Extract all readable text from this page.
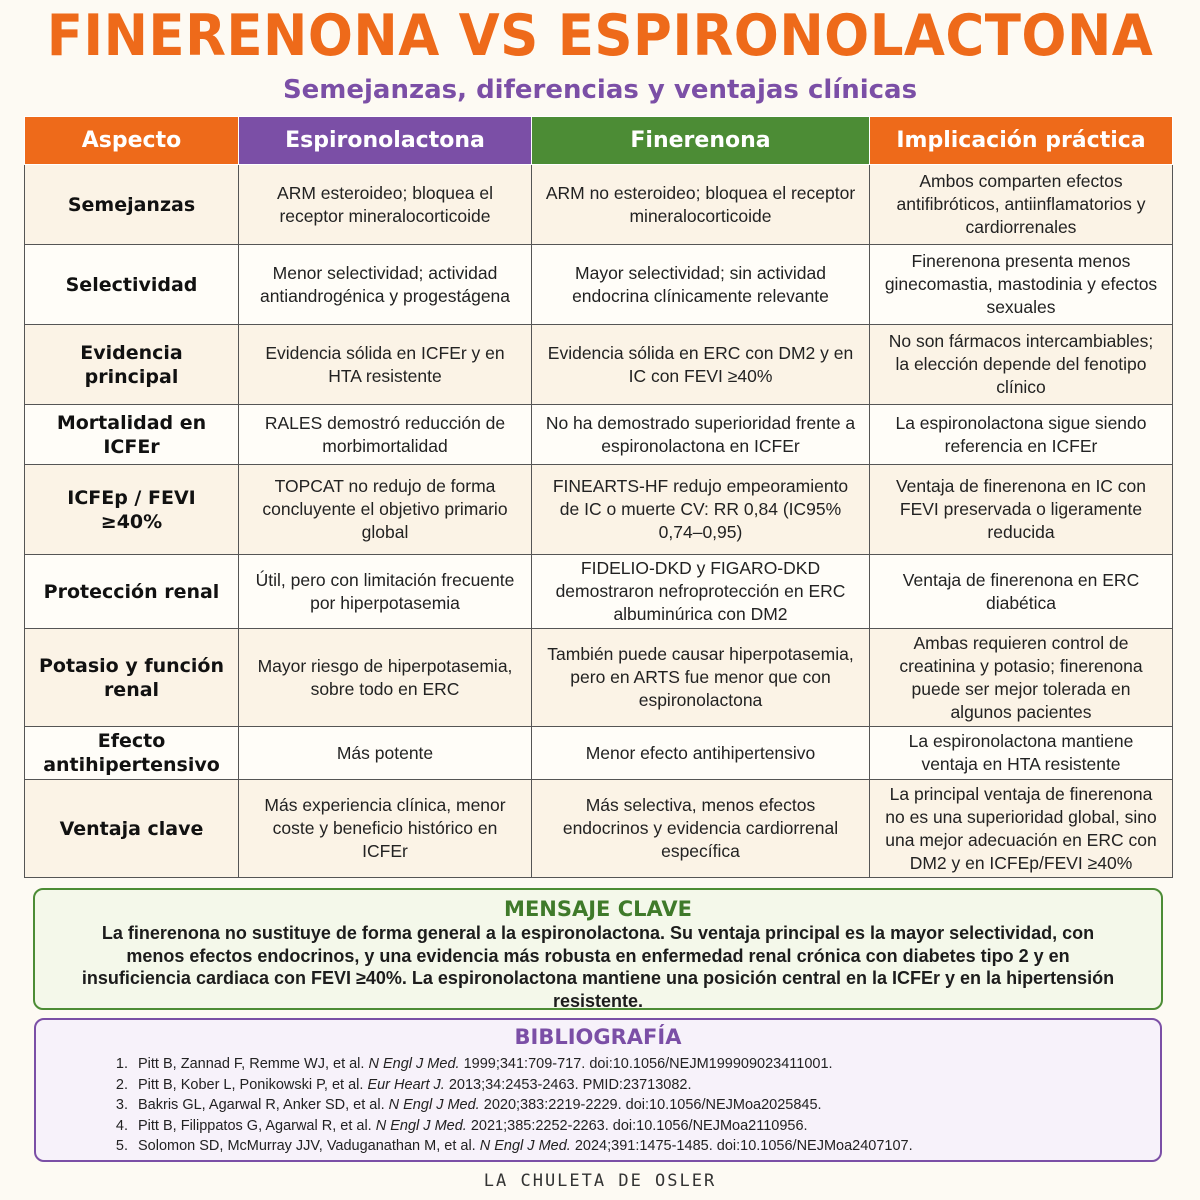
FINERENONA VS ESPIRONOLACTONA
Semejanzas, diferencias y ventajas clínicas
Aspecto	Espironolactona	Finerenona	Implicación práctica
Semejanzas	ARM esteroideo; bloquea el receptor mineralocorticoide	ARM no esteroideo; bloquea el receptor mineralocorticoide	Ambos comparten efectos antifibróticos, antiinflamatorios y cardiorrenales
Selectividad	Menor selectividad; actividad antiandrogénica y progestágena	Mayor selectividad; sin actividad endocrina clínicamente relevante	Finerenona presenta menos ginecomastia, mastodinia y efectos sexuales
Evidencia principal	Evidencia sólida en ICFEr y en HTA resistente	Evidencia sólida en ERC con DM2 y en IC con FEVI ≥40%	No son fármacos intercambiables; la elección depende del fenotipo clínico
Mortalidad en ICFEr	RALES demostró reducción de morbimortalidad	No ha demostrado superioridad frente a espironolactona en ICFEr	La espironolactona sigue siendo referencia en ICFEr
ICFEp / FEVI ≥40%	TOPCAT no redujo de forma concluyente el objetivo primario global	FINEARTS-HF redujo empeoramiento de IC o muerte CV: RR 0,84 (IC95% 0,74–0,95)	Ventaja de finerenona en IC con FEVI preservada o ligeramente reducida
Protección renal	Útil, pero con limitación frecuente por hiperpotasemia	FIDELIO-DKD y FIGARO-DKD demostraron nefroprotección en ERC albuminúrica con DM2	Ventaja de finerenona en ERC diabética
Potasio y función renal	Mayor riesgo de hiperpotasemia, sobre todo en ERC	También puede causar hiperpotasemia, pero en ARTS fue menor que con espironolactona	Ambas requieren control de creatinina y potasio; finerenona puede ser mejor tolerada en algunos pacientes
Efecto antihipertensivo	Más potente	Menor efecto antihipertensivo	La espironolactona mantiene ventaja en HTA resistente
Ventaja clave	Más experiencia clínica, menor coste y beneficio histórico en ICFEr	Más selectiva, menos efectos endocrinos y evidencia cardiorrenal específica	La principal ventaja de finerenona no es una superioridad global, sino una mejor adecuación en ERC con DM2 y en ICFEp/FEVI ≥40%
MENSAJE CLAVE
La finerenona no sustituye de forma general a la espironolactona. Su ventaja principal es la mayor selectividad, con menos efectos endocrinos, y una evidencia más robusta en enfermedad renal crónica con diabetes tipo 2 y en insuficiencia cardiaca con FEVI ≥40%. La espironolactona mantiene una posición central en la ICFEr y en la hipertensión resistente.
BIBLIOGRAFÍA
1. Pitt B, Zannad F, Remme WJ, et al. N Engl J Med. 1999;341:709-717. doi:10.1056/NEJM199909023411001.
2. Pitt B, Kober L, Ponikowski P, et al. Eur Heart J. 2013;34:2453-2463. PMID:23713082.
3. Bakris GL, Agarwal R, Anker SD, et al. N Engl J Med. 2020;383:2219-2229. doi:10.1056/NEJMoa2025845.
4. Pitt B, Filippatos G, Agarwal R, et al. N Engl J Med. 2021;385:2252-2263. doi:10.1056/NEJMoa2110956.
5. Solomon SD, McMurray JJV, Vaduganathan M, et al. N Engl J Med. 2024;391:1475-1485. doi:10.1056/NEJMoa2407107.
LA CHULETA DE OSLER
